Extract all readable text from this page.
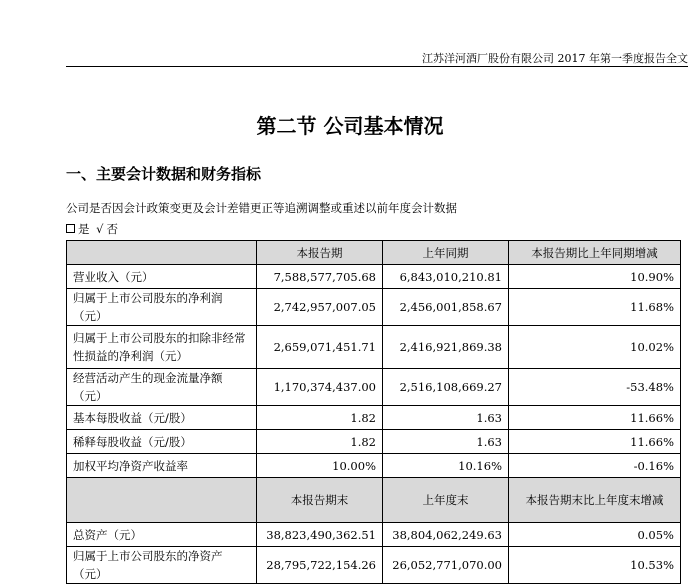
江苏洋河酒厂股份有限公司 2017 年第一季度报告全文
第二节 公司基本情况
一、主要会计数据和财务指标
公司是否因会计政策变更及会计差错更正等追溯调整或重述以前年度会计数据
是 √ 否
	本报告期	上年同期	本报告期比上年同期增减
营业收入（元）	7,588,577,705.68	6,843,010,210.81	10.90%
归属于上市公司股东的净利润（元）	2,742,957,007.05	2,456,001,858.67	11.68%
归属于上市公司股东的扣除非经常性损益的净利润（元）	2,659,071,451.71	2,416,921,869.38	10.02%
经营活动产生的现金流量净额（元）	1,170,374,437.00	2,516,108,669.27	-53.48%
基本每股收益（元/股）	1.82	1.63	11.66%
稀释每股收益（元/股）	1.82	1.63	11.66%
加权平均净资产收益率	10.00%	10.16%	-0.16%
	本报告期末	上年度末	本报告期末比上年度末增减
总资产（元）	38,823,490,362.51	38,804,062,249.63	0.05%
归属于上市公司股东的净资产（元）	28,795,722,154.26	26,052,771,070.00	10.53%
